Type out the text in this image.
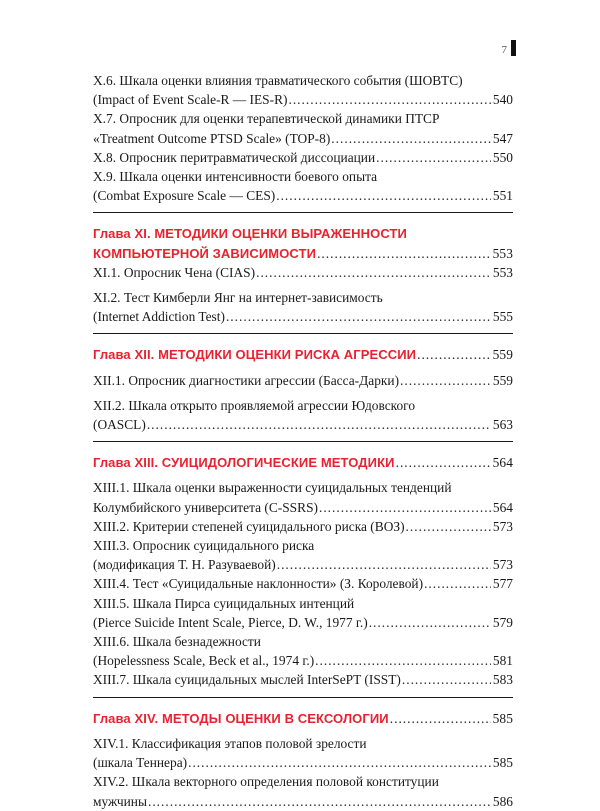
7
X.6. Шкала оценки влияния травматического события (ШОВТС)
(Impact of Event Scale-R — IES-R) .....	540
X.7. Опросник для оценки терапевтической динамики ПТСР
«Treatment Outcome PTSD Scale» (TOP-8) .....	547
X.8. Опросник перитравматической диссоциации .....	550
X.9. Шкала оценки интенсивности боевого опыта
(Combat Exposure Scale — CES) .....	551
Глава XI. МЕТОДИКИ ОЦЕНКИ ВЫРАЖЕННОСТИ
КОМПЬЮТЕРНОЙ ЗАВИСИМОСТИ .....	553
XI.1. Опросник Чена (CIAS) .....	553
XI.2. Тест Кимберли Янг на интернет-зависимость
(Internet Addiction Test) .....	555
Глава XII. МЕТОДИКИ ОЦЕНКИ РИСКА АГРЕССИИ .....	559
XII.1. Опросник диагностики агрессии (Басса-Дарки) .....	559
XII.2. Шкала открыто проявляемой агрессии Юдовского
(OASCL) .....	563
Глава XIII. СУИЦИДОЛОГИЧЕСКИЕ МЕТОДИКИ .....	564
XIII.1. Шкала оценки выраженности суицидальных тенденций
Колумбийского университета (C-SSRS) .....	564
XIII.2. Критерии степеней суицидального риска (ВОЗ) .....	573
XIII.3. Опросник суицидального риска
(модификация Т. Н. Разуваевой) .....	573
XIII.4. Тест «Суицидальные наклонности» (З. Королевой) .....	577
XIII.5. Шкала Пирса суицидальных интенций
(Pierce Suicide Intent Scale, Pierce, D. W., 1977 г.) .....	579
XIII.6. Шкала безнадежности
(Hopelessness Scale, Beck et al., 1974 г.) .....	581
XIII.7. Шкала суицидальных мыслей InterSePT (ISST) .....	583
Глава XIV. МЕТОДЫ ОЦЕНКИ В СЕКСОЛОГИИ .....	585
XIV.1. Классификация этапов половой зрелости
(шкала Теннера) .....	585
XIV.2. Шкала векторного определения половой конституции
мужчины .....	586
